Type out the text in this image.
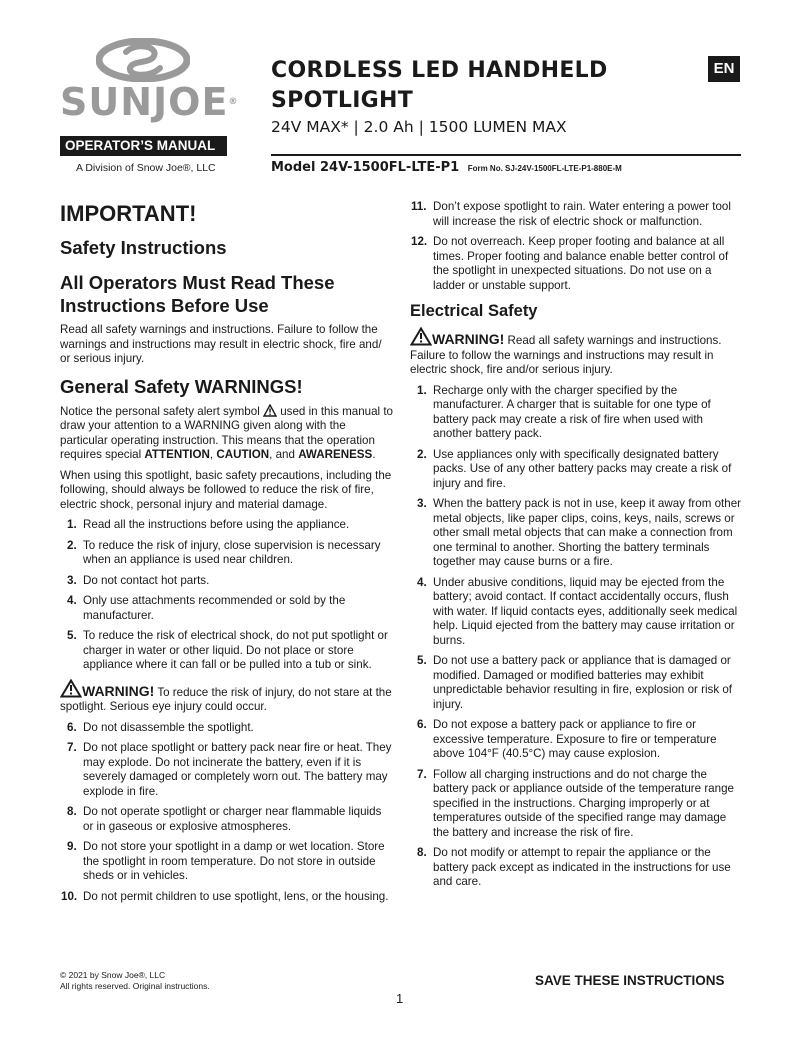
SUNJOE®
OPERATOR’S MANUAL
A Division of Snow Joe®, LLC
CORDLESS LED HANDHELD
SPOTLIGHT
24V MAX* | 2.0 Ah | 1500 LUMEN MAX
EN
Model 24V-1500FL-LTE-P1 Form No. SJ-24V-1500FL-LTE-P1-880E-M
IMPORTANT!
Safety Instructions
All Operators Must Read These Instructions Before Use

Read all safety warnings and instructions. Failure to follow the warnings and instructions may result in electric shock, fire and/ or serious injury.

General Safety WARNINGS!

Notice the personal safety alert symbol  used in this manual to draw your attention to a WARNING given along with the particular operating instruction. This means that the operation requires special ATTENTION, CAUTION, and AWARENESS.

When using this spotlight, basic safety precautions, including the following, should always be followed to reduce the risk of fire, electric shock, personal injury and material damage.

1. Read all the instructions before using the appliance.
2. To reduce the risk of injury, close supervision is necessary when an appliance is used near children.
3. Do not contact hot parts.
4. Only use attachments recommended or sold by the manufacturer.
5. To reduce the risk of electrical shock, do not put spotlight or charger in water or other liquid. Do not place or store appliance where it can fall or be pulled into a tub or sink.

WARNING! To reduce the risk of injury, do not stare at the spotlight. Serious eye injury could occur.

6. Do not disassemble the spotlight.
7. Do not place spotlight or battery pack near fire or heat. They may explode. Do not incinerate the battery, even if it is severely damaged or completely worn out. The battery may explode in fire.
8. Do not operate spotlight or charger near flammable liquids or in gaseous or explosive atmospheres.
9. Do not store your spotlight in a damp or wet location. Store the spotlight in room temperature. Do not store in outside sheds or in vehicles.
10. Do not permit children to use spotlight, lens, or the housing.
11. Don’t expose spotlight to rain. Water entering a power tool will increase the risk of electric shock or malfunction.
12. Do not overreach. Keep proper footing and balance at all times. Proper footing and balance enable better control of the spotlight in unexpected situations. Do not use on a ladder or unstable support.
Electrical Safety

WARNING! Read all safety warnings and instructions. Failure to follow the warnings and instructions may result in electric shock, fire and/or serious injury.

1. Recharge only with the charger specified by the manufacturer. A charger that is suitable for one type of battery pack may create a risk of fire when used with another battery pack.
2. Use appliances only with specifically designated battery packs. Use of any other battery packs may create a risk of injury and fire.
3. When the battery pack is not in use, keep it away from other metal objects, like paper clips, coins, keys, nails, screws or other small metal objects that can make a connection from one terminal to another. Shorting the battery terminals together may cause burns or a fire.
4. Under abusive conditions, liquid may be ejected from the battery; avoid contact. If contact accidentally occurs, flush with water. If liquid contacts eyes, additionally seek medical help. Liquid ejected from the battery may cause irritation or burns.
5. Do not use a battery pack or appliance that is damaged or modified. Damaged or modified batteries may exhibit unpredictable behavior resulting in fire, explosion or risk of injury.
6. Do not expose a battery pack or appliance to fire or excessive temperature. Exposure to fire or temperature above 104°F (40.5°C) may cause explosion.
7. Follow all charging instructions and do not charge the battery pack or appliance outside of the temperature range specified in the instructions. Charging improperly or at temperatures outside of the specified range may damage the battery and increase the risk of fire.
8. Do not modify or attempt to repair the appliance or the battery pack except as indicated in the instructions for use and care.
© 2021 by Snow Joe®, LLC
All rights reserved. Original instructions.	SAVE THESE INSTRUCTIONS
1
